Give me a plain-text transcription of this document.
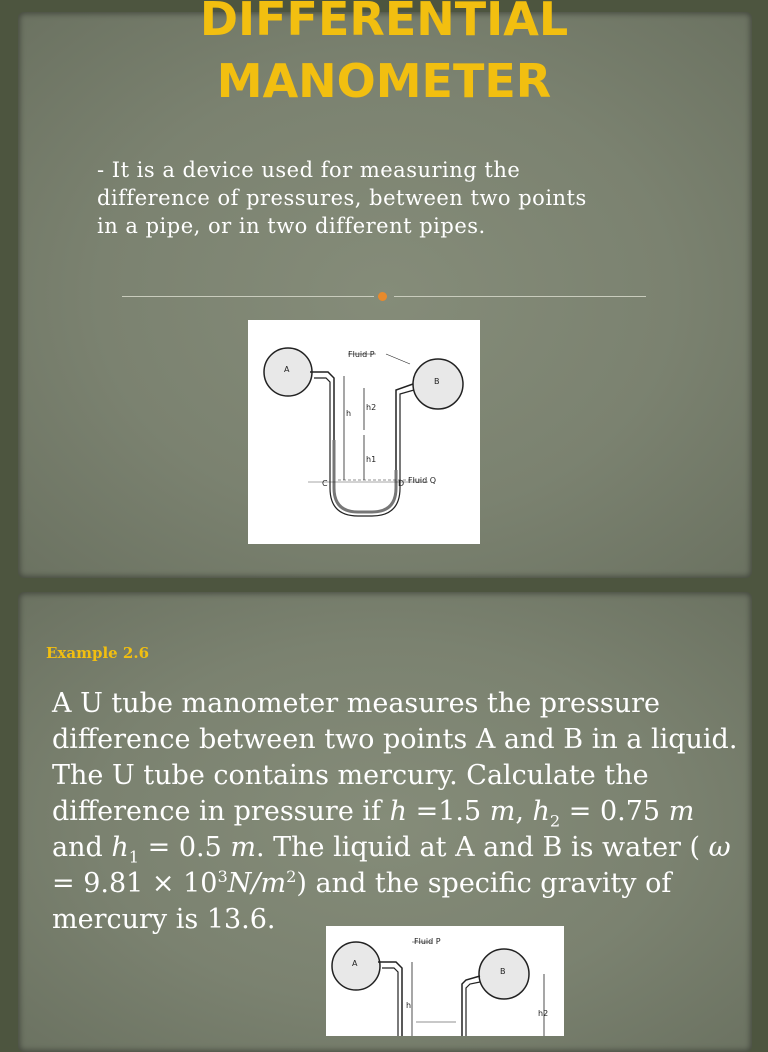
DIFFERENTIAL
MANOMETER

- It is a device used for measuring the difference of pressures, between two points in a pipe, or in two different pipes.

Fluid P
Fluid Q
A
B
C	D
h
h2
h1
Example 2.6

A U tube manometer measures the pressure difference between two points A and B in a liquid. The U tube contains mercury. Calculate the difference in pressure if h =1.5 m, $h_2 = 0.75$ m and $h_1 = 0.5$ m. The liquid at A and B is water ( $\omega = 9.81 \times 10^3N/m^2$) and the specific gravity of mercury is 13.6.

Fluid P
A
B
h
h2
